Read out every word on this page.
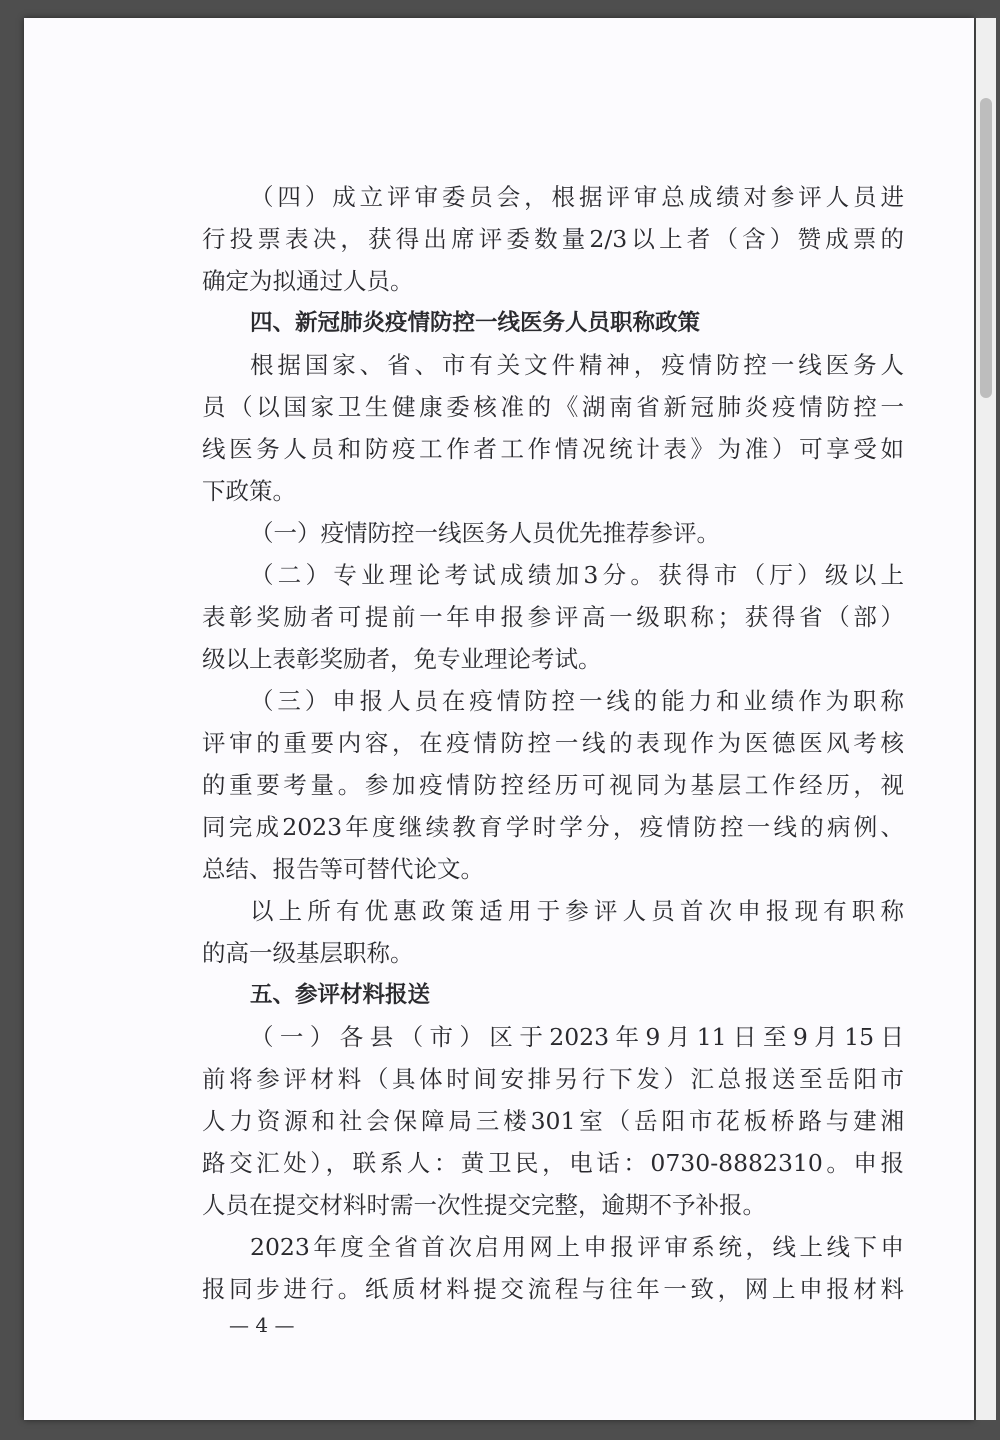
（四）成立评审委员会，根据评审总成绩对参评人员进
行投票表决，获得出席评委数量2/3以上者（含）赞成票的
确定为拟通过人员。
四、新冠肺炎疫情防控一线医务人员职称政策
根据国家、省、市有关文件精神，疫情防控一线医务人
员（以国家卫生健康委核准的《湖南省新冠肺炎疫情防控一
线医务人员和防疫工作者工作情况统计表》为准）可享受如
下政策。
（一）疫情防控一线医务人员优先推荐参评。
（二）专业理论考试成绩加3分。获得市（厅）级以上
表彰奖励者可提前一年申报参评高一级职称；获得省（部）
级以上表彰奖励者，免专业理论考试。
（三）申报人员在疫情防控一线的能力和业绩作为职称
评审的重要内容，在疫情防控一线的表现作为医德医风考核
的重要考量。参加疫情防控经历可视同为基层工作经历，视
同完成2023年度继续教育学时学分，疫情防控一线的病例、
总结、报告等可替代论文。
以上所有优惠政策适用于参评人员首次申报现有职称
的高一级基层职称。
五、参评材料报送
（一）各县（市）区于2023年9月11日至9月15日
前将参评材料（具体时间安排另行下发）汇总报送至岳阳市
人力资源和社会保障局三楼301室（岳阳市花板桥路与建湘
路交汇处），联系人：黄卫民，电话：0730-8882310。申报
人员在提交材料时需一次性提交完整，逾期不予补报。
2023年度全省首次启用网上申报评审系统，线上线下申
报同步进行。纸质材料提交流程与往年一致，网上申报材料
— 4 —
